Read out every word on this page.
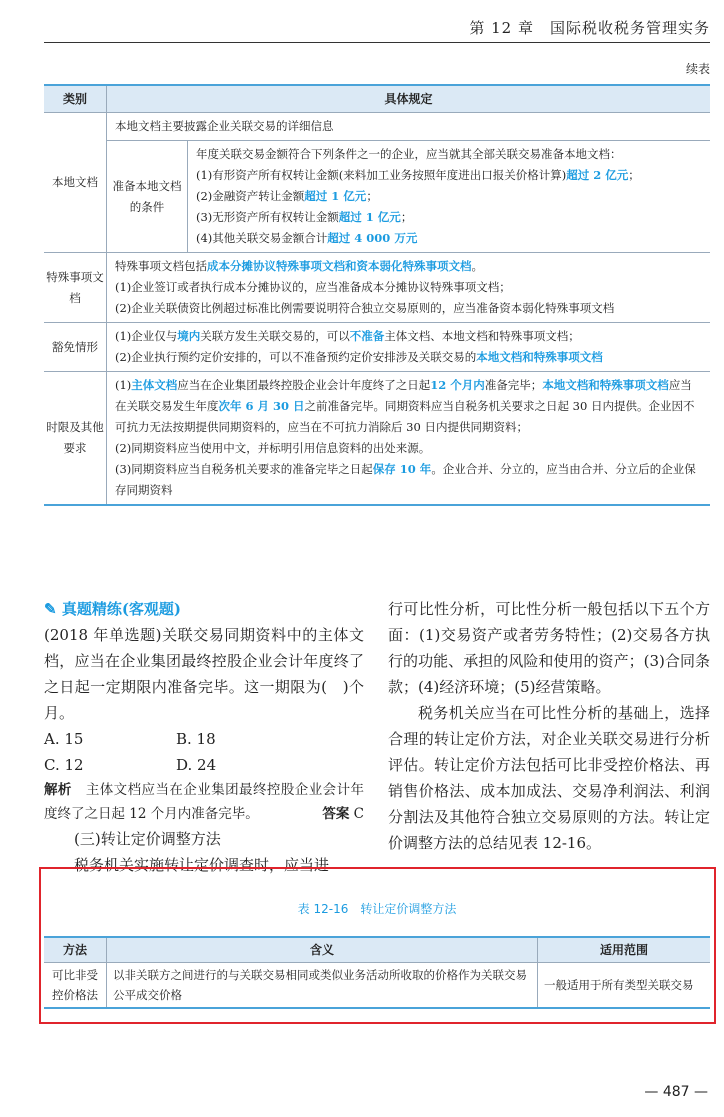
第 12 章　国际税收税务管理实务
续表
类别	具体规定	
本地文档	本地文档主要披露企业关联交易的详细信息	
	准备本地文档的条件	年度关联交易金额符合下列条件之一的企业，应当就其全部关联交易准备本地文档：
(1)有形资产所有权转让金额(来料加工业务按照年度进出口报关价格计算)超过 2 亿元；
(2)金融资产转让金额超过 1 亿元；
(3)无形资产所有权转让金额超过 1 亿元；
(4)其他关联交易金额合计超过 4 000 万元

特殊事项文档	特殊事项文档包括成本分摊协议特殊事项文档和资本弱化特殊事项文档。
(1)企业签订或者执行成本分摊协议的，应当准备成本分摊协议特殊事项文档；
(2)企业关联债资比例超过标准比例需要说明符合独立交易原则的，应当准备资本弱化特殊事项文档	

豁免情形	(1)企业仅与境内关联方发生关联交易的，可以不准备主体文档、本地文档和特殊事项文档；
(2)企业执行预约定价安排的，可以不准备预约定价安排涉及关联交易的本地文档和特殊事项文档	

时限及其他要求	(1)主体文档应当在企业集团最终控股企业会计年度终了之日起12 个月内准备完毕；本地文档和特殊事项文档应当在关联交易发生年度次年 6 月 30 日之前准备完毕。同期资料应当自税务机关要求之日起 30 日内提供。企业因不可抗力无法按期提供同期资料的，应当在不可抗力消除后 30 日内提供同期资料；
(2)同期资料应当使用中文，并标明引用信息资料的出处来源。
(3)同期资料应当自税务机关要求的准备完毕之日起保存 10 年。企业合并、分立的，应当由合并、分立后的企业保存同期资料	
✎ 真题精练(客观题)
(2018 年单选题)关联交易同期资料中的主体文档，应当在企业集团最终控股企业会计年度终了之日起一定期限内准备完毕。这一期限为(　)个月。
A. 15	B. 18
C. 12	D. 24
解析　 主体文档应当在企业集团最终控股企业会计年度终了之日起 12 个月内准备完毕。	答案 C
(三)转让定价调整方法
税务机关实施转让定价调查时，应当进
行可比性分析，可比性分析一般包括以下五个方面：(1)交易资产或者劳务特性；(2)交易各方执行的功能、承担的风险和使用的资产；(3)合同条款；(4)经济环境；(5)经营策略。
税务机关应当在可比性分析的基础上，选择合理的转让定价方法，对企业关联交易进行分析评估。转让定价方法包括可比非受控价格法、再销售价格法、成本加成法、交易净利润法、利润分割法及其他符合独立交易原则的方法。转让定价调整方法的总结见表 12-16。
表 12-16　转让定价调整方法
方法	含义	适用范围
可比非受控价格法	以非关联方之间进行的与关联交易相同或类似业务活动所收取的价格作为关联交易公平成交价格	一般适用于所有类型关联交易
— 487 —
